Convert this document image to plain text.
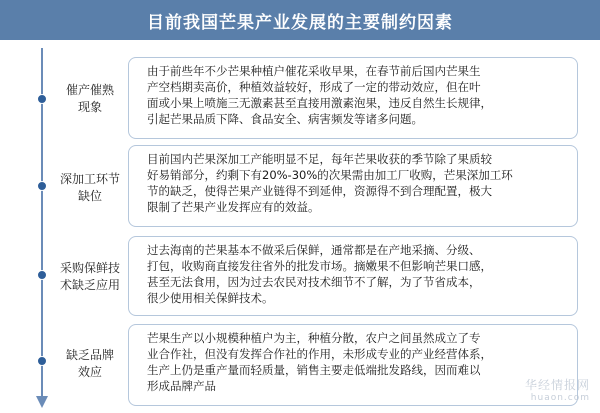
目前我国芒果产业发展的主要制约因素
催产催熟
现象
由于前些年不少芒果种植户催花采收早果，在春节前后国内芒果生
产空档期卖高价，种植效益较好，形成了一定的带动效应，但在叶
面或小果上喷施三无激素甚至直接用激素泡果，违反自然生长规律，
引起芒果品质下降、食品安全、病害频发等诸多问题。
深加工环节
缺位
目前国内芒果深加工产能明显不足，每年芒果收获的季节除了果质较
好易销部分，约剩下有20%-30%的次果需由加工厂收购，芒果深加工环
节的缺乏，使得芒果产业链得不到延伸，资源得不到合理配置，极大
限制了芒果产业发挥应有的效益。
采购保鲜技
术缺乏应用
过去海南的芒果基本不做采后保鲜，通常都是在产地采摘、分级、
打包，收购商直接发往省外的批发市场。摘嫩果不但影响芒果口感，
甚至无法食用，因为过去农民对技术细节不了解，为了节省成本，
很少使用相关保鲜技术。
缺乏品牌
效应
芒果生产以小规模种植户为主，种植分散，农户之间虽然成立了专
业合作社，但没有发挥合作社的作用，未形成专业的产业经营体系，
生产上仍是重产量而轻质量，销售主要走低端批发路线，因而难以
形成品牌产品	华经情报网
huaon.com
